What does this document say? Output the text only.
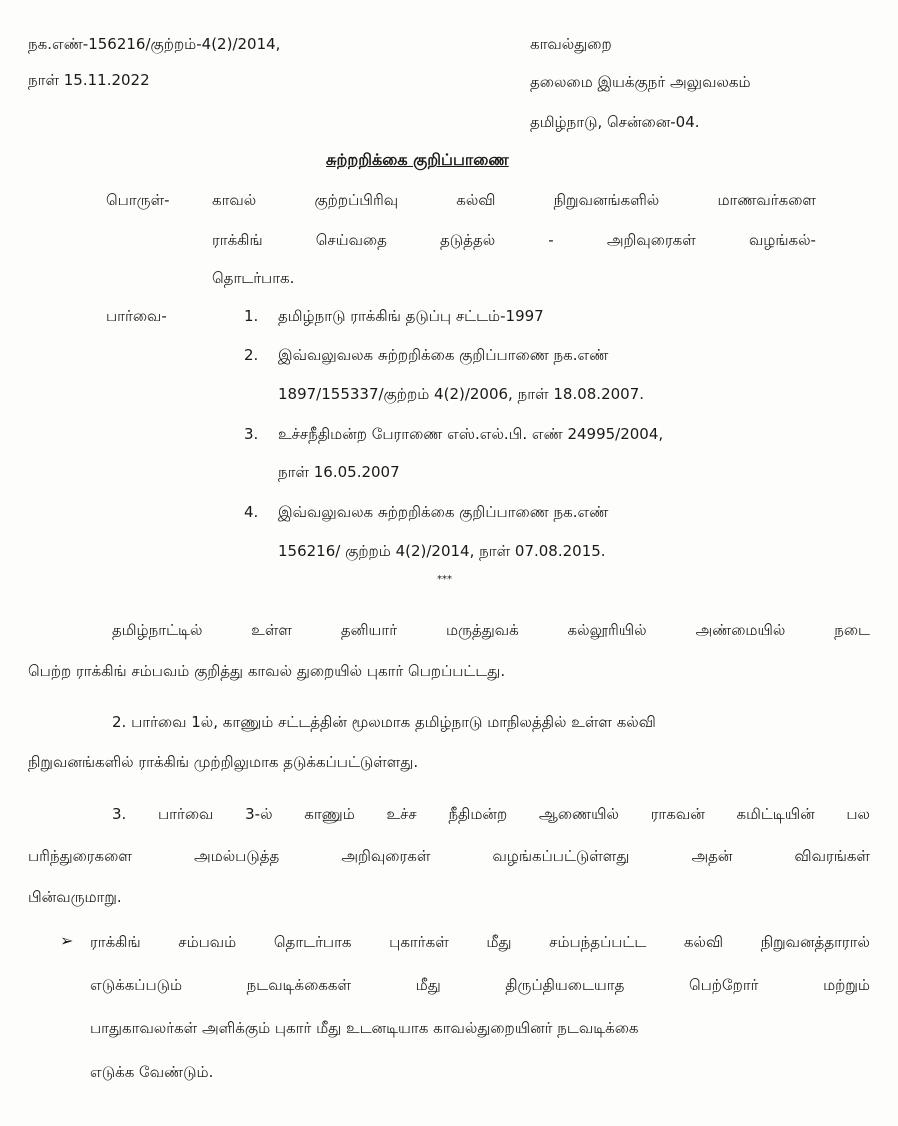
நக.எண்-156216/குற்றம்-4(2)/2014,
நாள் 15.11.2022
காவல்துறை
தலைமை இயக்குநர் அலுவலகம்
தமிழ்நாடு, சென்னை-04.
சுற்றறிக்கை குறிப்பாணை
பொருள்-	காவல்	குற்றப்பிரிவு	கல்வி	நிறுவனங்களில்	மாணவர்களை
ராக்கிங்	செய்வதை	தடுத்தல்	-	அறிவுரைகள்	வழங்கல்-
தொடர்பாக.
பார்வை-	1. தமிழ்நாடு ராக்கிங் தடுப்பு சட்டம்-1997
2. இவ்வலுவலக சுற்றறிக்கை குறிப்பாணை நக.எண்
1897/155337/குற்றம் 4(2)/2006, நாள் 18.08.2007.
3. உச்சநீதிமன்ற பேராணை எஸ்.எல்.பி. எண் 24995/2004,
நாள் 16.05.2007
4. இவ்வலுவலக சுற்றறிக்கை குறிப்பாணை நக.எண்
156216/ குற்றம் 4(2)/2014, நாள் 07.08.2015.
***
தமிழ்நாட்டில்	உள்ள	தனியார்	மருத்துவக்	கல்லூரியில்	அண்மையில்	நடை
பெற்ற ராக்கிங் சம்பவம் குறித்து காவல் துறையில் புகார் பெறப்பட்டது.
2. பார்வை 1ல், காணும் சட்டத்தின் மூலமாக தமிழ்நாடு மாநிலத்தில் உள்ள கல்வி
நிறுவனங்களில் ராக்கிங் முற்றிலுமாக தடுக்கப்பட்டுள்ளது.
3. பார்வை 3-ல் காணும் உச்ச நீதிமன்ற ஆணையில் ராகவன் கமிட்டியின் பல
பரிந்துரைகளை	அமல்படுத்த	அறிவுரைகள்	வழங்கப்பட்டுள்ளது	அதன்	விவரங்கள்
பின்வருமாறு.
➢ ராக்கிங்	சம்பவம்	தொடர்பாக	புகார்கள்	மீது	சம்பந்தப்பட்ட	கல்வி	நிறுவனத்தாரால்
எடுக்கப்படும்	நடவடிக்கைகள்	மீது	திருப்தியடையாத	பெற்றோர்	மற்றும்
பாதுகாவலர்கள் அளிக்கும் புகார் மீது உடனடியாக காவல்துறையினர் நடவடிக்கை
எடுக்க வேண்டும்.
